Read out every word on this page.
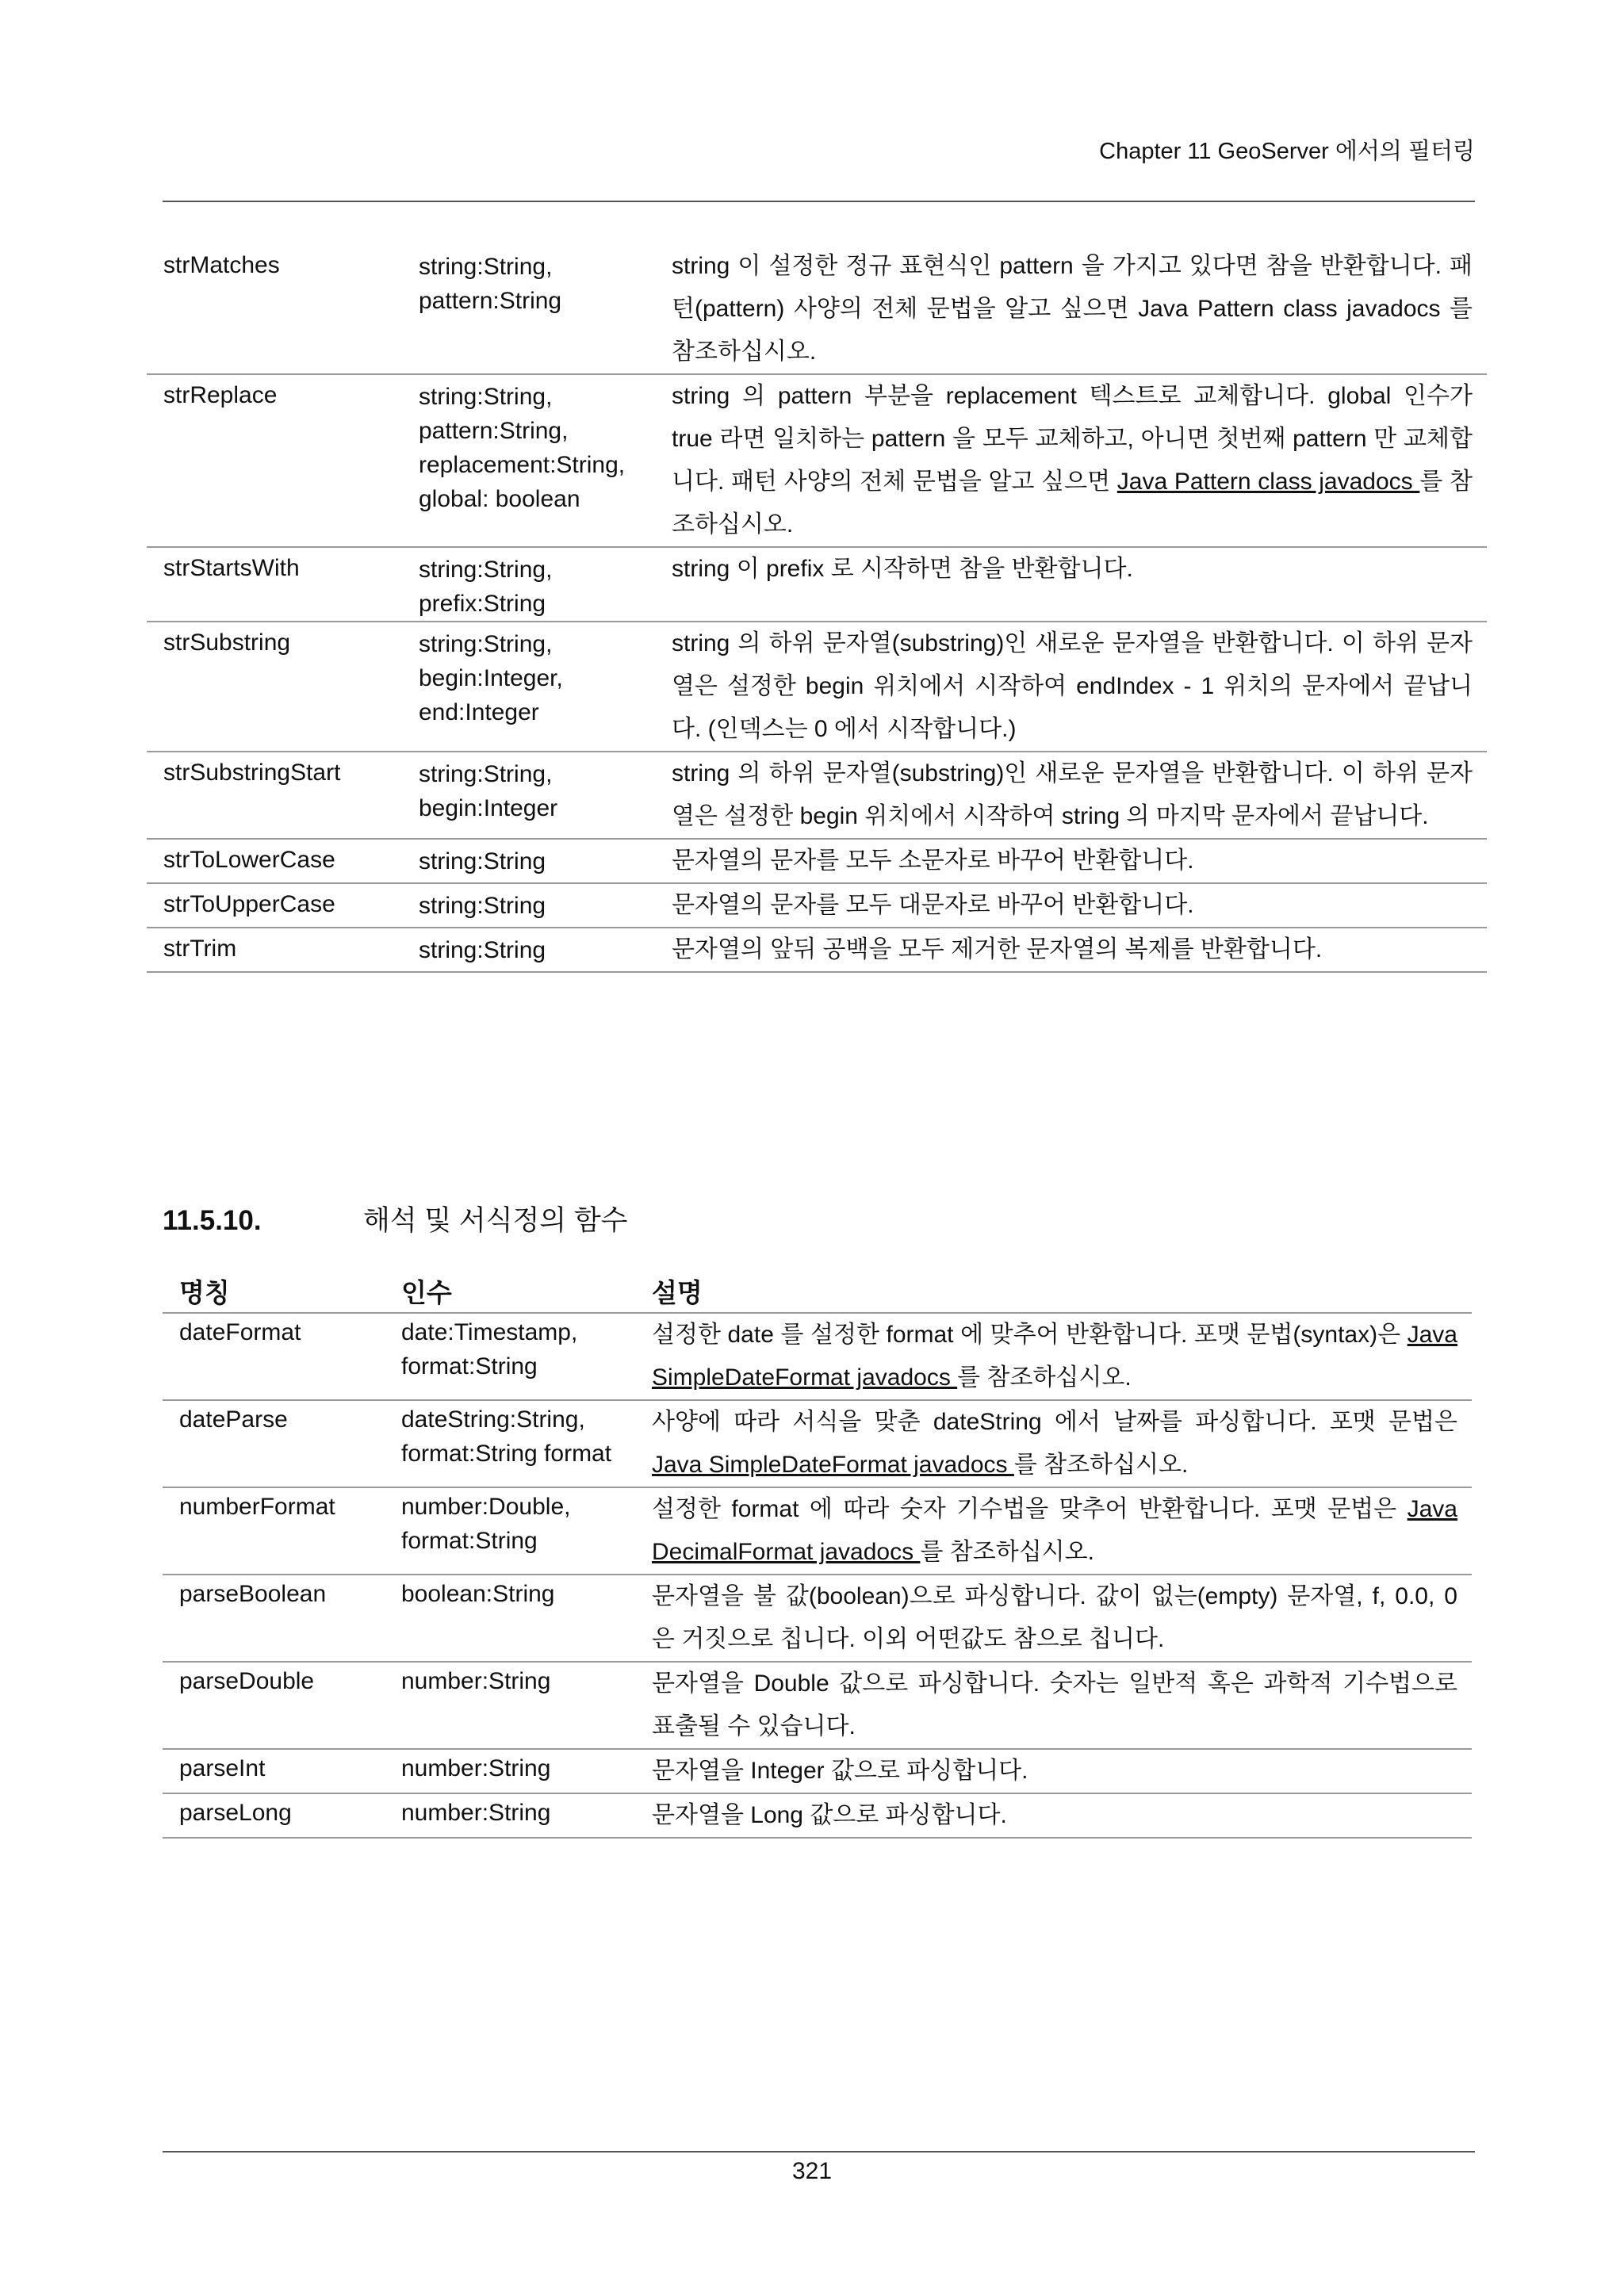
Chapter 11 GeoServer 에서의 필터링
strMatches	string:String,
pattern:String	string 이 설정한 정규 표현식인 pattern 을 가지고 있다면 참을 반환합니다. 패턴(pattern) 사양의 전체 문법을 알고 싶으면 Java Pattern class javadocs 를 참조하십시오.
strReplace	string:String,
pattern:String,
replacement:String,
global: boolean	string 의 pattern 부분을 replacement 텍스트로 교체합니다. global 인수가 true 라면 일치하는 pattern 을 모두 교체하고, 아니면 첫번째 pattern 만 교체합니다. 패턴 사양의 전체 문법을 알고 싶으면 Java Pattern class javadocs 를 참조하십시오.
strStartsWith	string:String,
prefix:String	string 이 prefix 로 시작하면 참을 반환합니다.
strSubstring	string:String,
begin:Integer,
end:Integer	string 의 하위 문자열(substring)인 새로운 문자열을 반환합니다. 이 하위 문자열은 설정한 begin 위치에서 시작하여 endIndex - 1 위치의 문자에서 끝납니다. (인덱스는 0 에서 시작합니다.)
strSubstringStart	string:String,
begin:Integer	string 의 하위 문자열(substring)인 새로운 문자열을 반환합니다. 이 하위 문자열은 설정한 begin 위치에서 시작하여 string 의 마지막 문자에서 끝납니다.
strToLowerCase	string:String	문자열의 문자를 모두 소문자로 바꾸어 반환합니다.
strToUpperCase	string:String	문자열의 문자를 모두 대문자로 바꾸어 반환합니다.
strTrim	string:String	문자열의 앞뒤 공백을 모두 제거한 문자열의 복제를 반환합니다.
11.5.10.	해석 및 서식정의 함수
명칭	인수	설명
dateFormat	date:Timestamp,
format:String	설정한 date 를 설정한 format 에 맞추어 반환합니다. 포맷 문법(syntax)은 Java SimpleDateFormat javadocs 를 참조하십시오.
dateParse	dateString:String,
format:String format	사양에 따라 서식을 맞춘 dateString 에서 날짜를 파싱합니다. 포맷 문법은 Java SimpleDateFormat javadocs 를 참조하십시오.
numberFormat	number:Double,
format:String	설정한 format 에 따라 숫자 기수법을 맞추어 반환합니다. 포맷 문법은 Java DecimalFormat javadocs 를 참조하십시오.
parseBoolean	boolean:String	문자열을 불 값(boolean)으로 파싱합니다. 값이 없는(empty) 문자열, f, 0.0, 0 은 거짓으로 칩니다. 이외 어떤값도 참으로 칩니다.
parseDouble	number:String	문자열을 Double 값으로 파싱합니다. 숫자는 일반적 혹은 과학적 기수법으로 표출될 수 있습니다.
parseInt	number:String	문자열을 Integer 값으로 파싱합니다.
parseLong	number:String	문자열을 Long 값으로 파싱합니다.
321
